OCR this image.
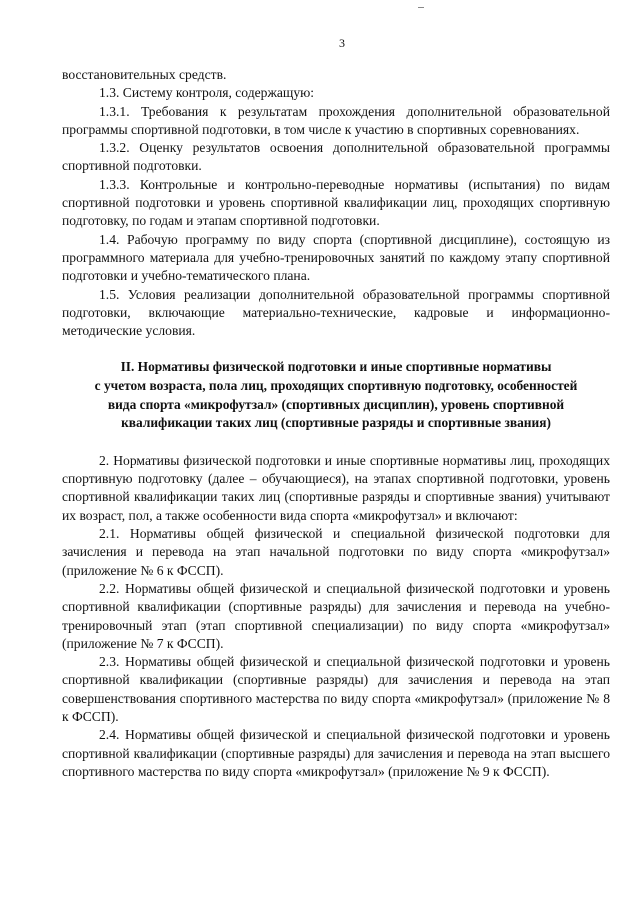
3

восстановительных средств.

1.3. Систему контроля, содержащую:

1.3.1. Требования к результатам прохождения дополнительной образовательной программы спортивной подготовки, в том числе к участию в спортивных соревнованиях.

1.3.2. Оценку результатов освоения дополнительной образовательной программы спортивной подготовки.

1.3.3. Контрольные и контрольно-переводные нормативы (испытания) по видам спортивной подготовки и уровень спортивной квалификации лиц, проходящих спортивную подготовку, по годам и этапам спортивной подготовки.

1.4. Рабочую программу по виду спорта (спортивной дисциплине), состоящую из программного материала для учебно-тренировочных занятий по каждому этапу спортивной подготовки и учебно-тематического плана.

1.5. Условия реализации дополнительной образовательной программы спортивной подготовки, включающие материально-технические, кадровые и информационно-методические условия.

II. Нормативы физической подготовки и иные спортивные нормативы
с учетом возраста, пола лиц, проходящих спортивную подготовку, особенностей
вида спорта «микрофутзал» (спортивных дисциплин), уровень спортивной
квалификации таких лиц (спортивные разряды и спортивные звания)

2. Нормативы физической подготовки и иные спортивные нормативы лиц, проходящих спортивную подготовку (далее – обучающиеся), на этапах спортивной подготовки, уровень спортивной квалификации таких лиц (спортивные разряды и спортивные звания) учитывают их возраст, пол, а также особенности вида спорта «микрофутзал» и включают:

2.1. Нормативы общей физической и специальной физической подготовки для зачисления и перевода на этап начальной подготовки по виду спорта «микрофутзал» (приложение № 6 к ФССП).

2.2. Нормативы общей физической и специальной физической подготовки и уровень спортивной квалификации (спортивные разряды) для зачисления и перевода на учебно-тренировочный этап (этап спортивной специализации) по виду спорта «микрофутзал» (приложение № 7 к ФССП).

2.3. Нормативы общей физической и специальной физической подготовки и уровень спортивной квалификации (спортивные разряды) для зачисления и перевода на этап совершенствования спортивного мастерства по виду спорта «микрофутзал» (приложение № 8 к ФССП).

2.4. Нормативы общей физической и специальной физической подготовки и уровень спортивной квалификации (спортивные разряды) для зачисления и перевода на этап высшего спортивного мастерства по виду спорта «микрофутзал» (приложение № 9 к ФССП).
